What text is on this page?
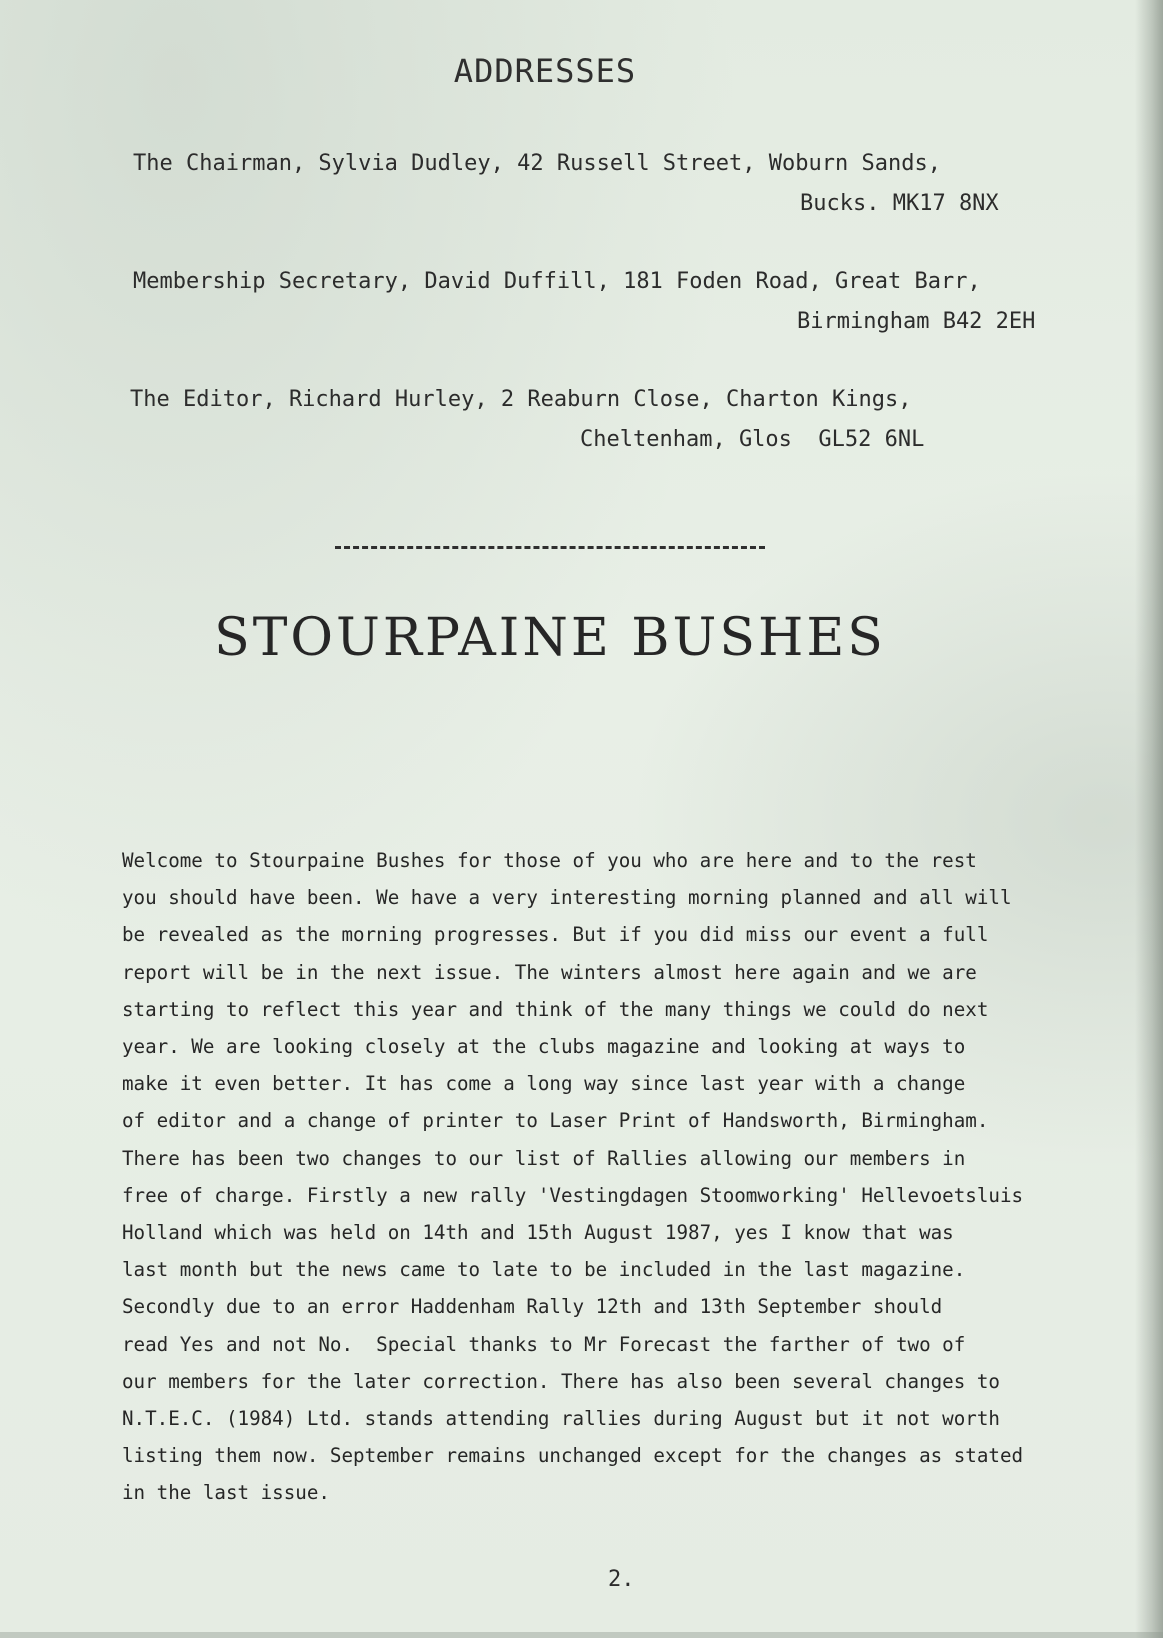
ADDRESSES
The Chairman, Sylvia Dudley, 42 Russell Street, Woburn Sands,
Bucks. MK17 8NX
Membership Secretary, David Duffill, 181 Foden Road, Great Barr,
Birmingham B42 2EH
The Editor, Richard Hurley, 2 Reaburn Close, Charton Kings,
Cheltenham, Glos  GL52 6NL
STOURPAINE BUSHES
Welcome to Stourpaine Bushes for those of you who are here and to the rest
you should have been. We have a very interesting morning planned and all will
be revealed as the morning progresses. But if you did miss our event a full
report will be in the next issue. The winters almost here again and we are
starting to reflect this year and think of the many things we could do next
year. We are looking closely at the clubs magazine and looking at ways to
make it even better. It has come a long way since last year with a change
of editor and a change of printer to Laser Print of Handsworth, Birmingham.
There has been two changes to our list of Rallies allowing our members in
free of charge. Firstly a new rally 'Vestingdagen Stoomworking' Hellevoetsluis
Holland which was held on 14th and 15th August 1987, yes I know that was
last month but the news came to late to be included in the last magazine.
Secondly due to an error Haddenham Rally 12th and 13th September should
read Yes and not No.  Special thanks to Mr Forecast the farther of two of
our members for the later correction. There has also been several changes to
N.T.E.C. (1984) Ltd. stands attending rallies during August but it not worth
listing them now. September remains unchanged except for the changes as stated
in the last issue.
2.
